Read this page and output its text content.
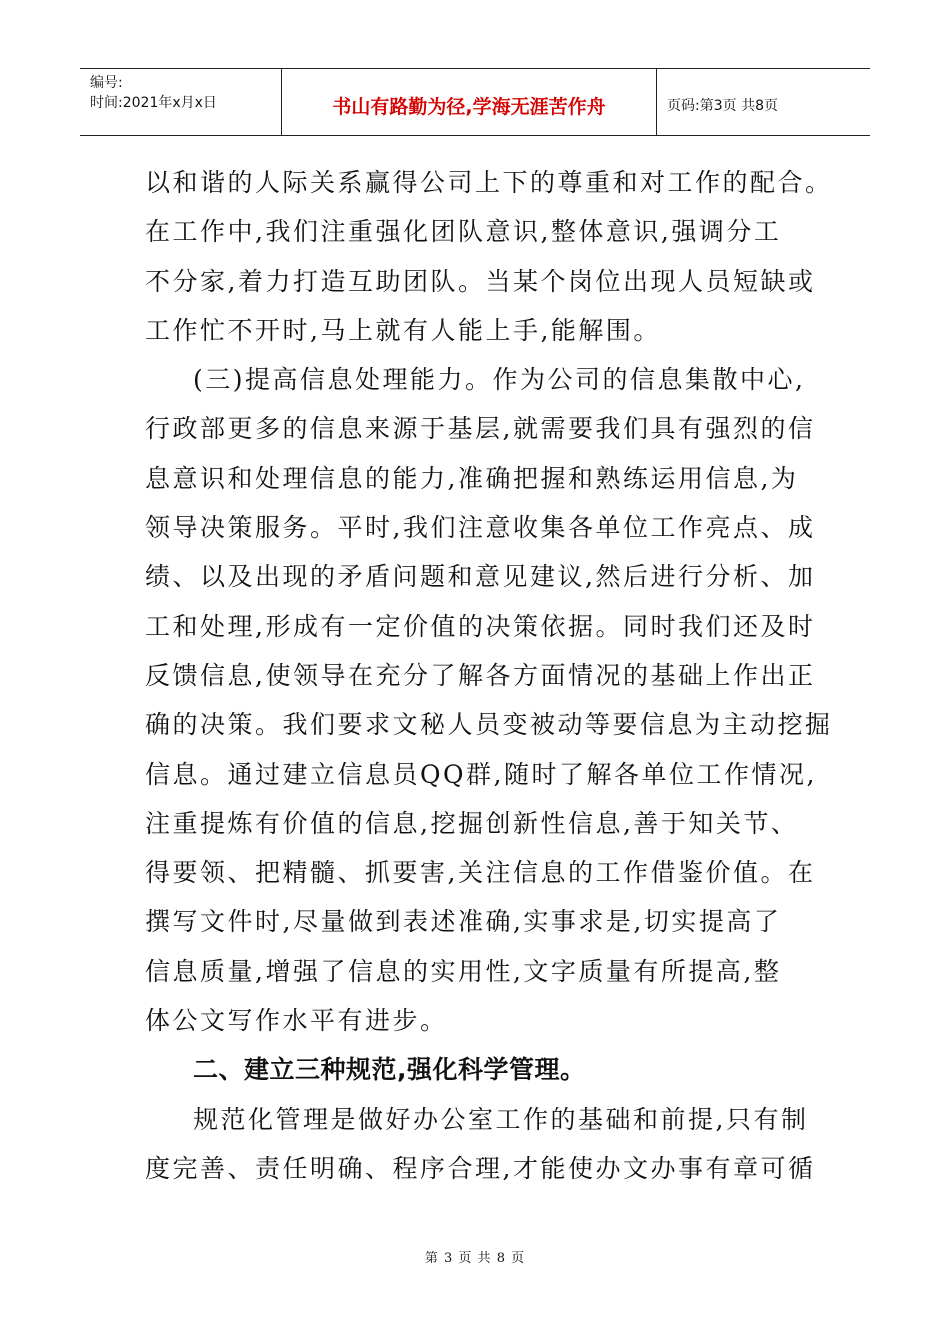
编号:
时间:2021年x月x日	书山有路勤为径,学海无涯苦作舟	页码:第3页 共8页
以和谐的人际关系赢得公司上下的尊重和对工作的配合。
在工作中,我们注重强化团队意识,整体意识,强调分工
不分家,着力打造互助团队。当某个岗位出现人员短缺或
工作忙不开时,马上就有人能上手,能解围。
(三)提高信息处理能力。作为公司的信息集散中心,
行政部更多的信息来源于基层,就需要我们具有强烈的信
息意识和处理信息的能力,准确把握和熟练运用信息,为
领导决策服务。平时,我们注意收集各单位工作亮点、成
绩、以及出现的矛盾问题和意见建议,然后进行分析、加
工和处理,形成有一定价值的决策依据。同时我们还及时
反馈信息,使领导在充分了解各方面情况的基础上作出正
确的决策。我们要求文秘人员变被动等要信息为主动挖掘
信息。通过建立信息员QQ群,随时了解各单位工作情况,
注重提炼有价值的信息,挖掘创新性信息,善于知关节、
得要领、把精髓、抓要害,关注信息的工作借鉴价值。在
撰写文件时,尽量做到表述准确,实事求是,切实提高了
信息质量,增强了信息的实用性,文字质量有所提高,整
体公文写作水平有进步。
二、建立三种规范,强化科学管理。
规范化管理是做好办公室工作的基础和前提,只有制
度完善、责任明确、程序合理,才能使办文办事有章可循
第 3 页 共 8 页
